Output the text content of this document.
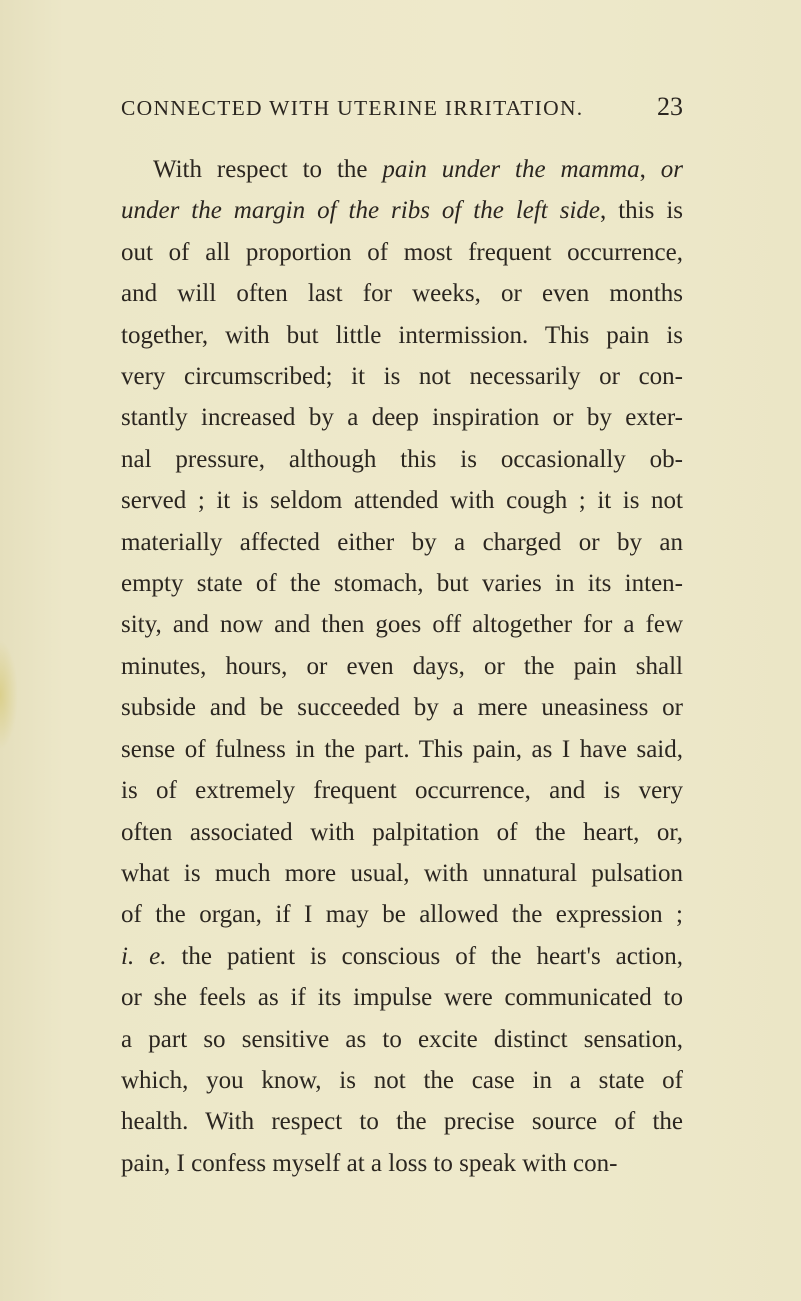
CONNECTED WITH UTERINE IRRITATION.	23
With respect to the pain under the mamma, or
under the margin of the ribs of the left side, this is
out of all proportion of most frequent occurrence,
and will often last for weeks, or even months
together, with but little intermission. This pain is
very circumscribed; it is not necessarily or con-
stantly increased by a deep inspiration or by exter-
nal pressure, although this is occasionally ob-
served ; it is seldom attended with cough ; it is not
materially affected either by a charged or by an
empty state of the stomach, but varies in its inten-
sity, and now and then goes off altogether for a few
minutes, hours, or even days, or the pain shall
subside and be succeeded by a mere uneasiness or
sense of fulness in the part. This pain, as I have said,
is of extremely frequent occurrence, and is very
often associated with palpitation of the heart, or,
what is much more usual, with unnatural pulsation
of the organ, if I may be allowed the expression ;
i. e. the patient is conscious of the heart's action,
or she feels as if its impulse were communicated to
a part so sensitive as to excite distinct sensation,
which, you know, is not the case in a state of
health. With respect to the precise source of the
pain, I confess myself at a loss to speak with con-
